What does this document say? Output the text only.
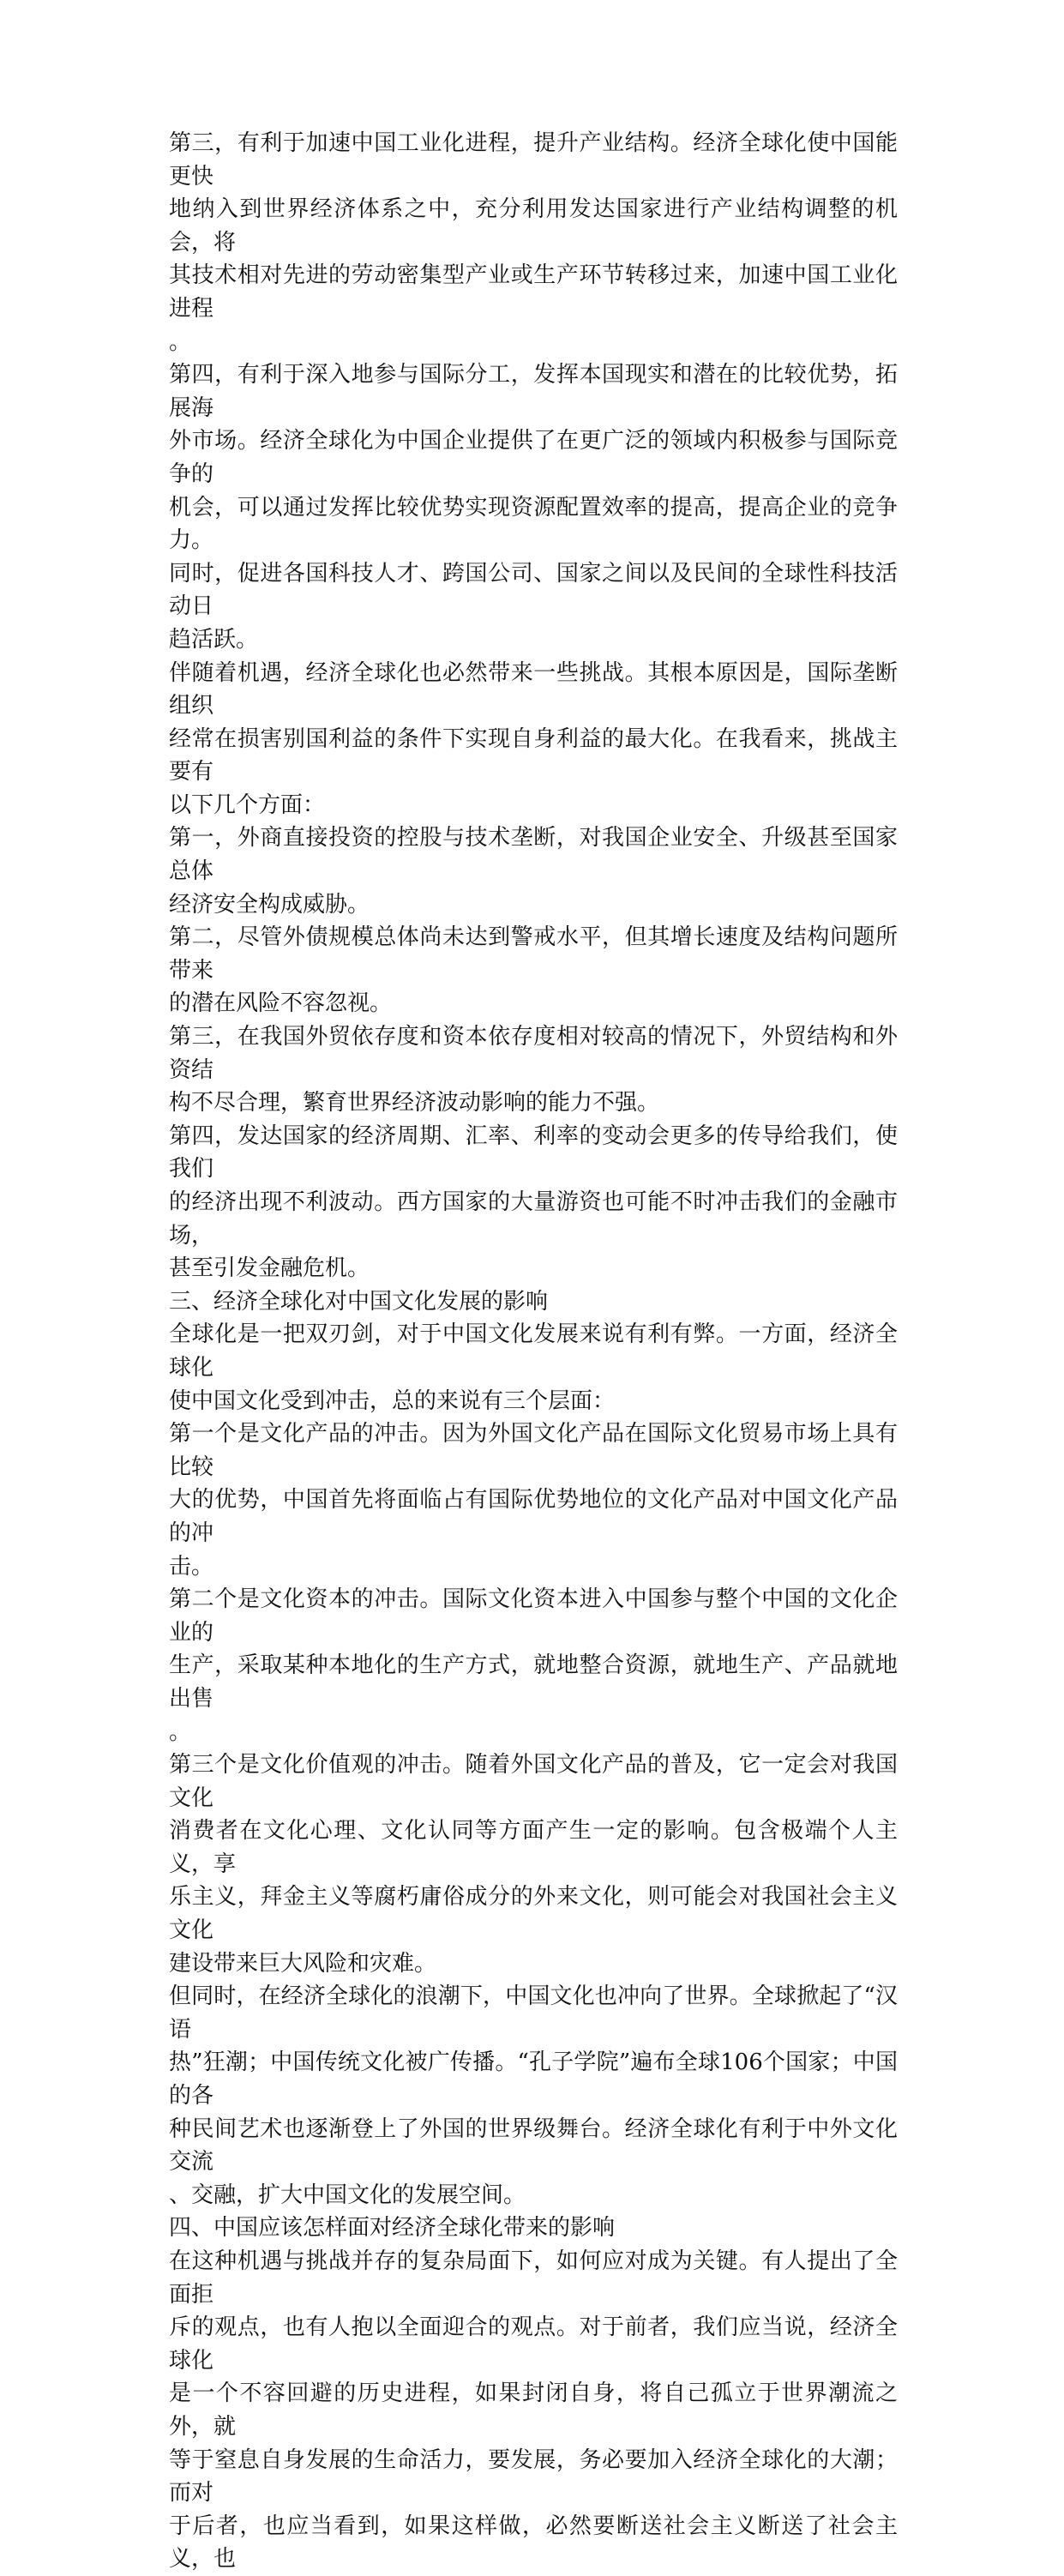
第三，有利于加速中国工业化进程，提升产业结构。经济全球化使中国能更快
地纳入到世界经济体系之中，充分利用发达国家进行产业结构调整的机会，将
其技术相对先进的劳动密集型产业或生产环节转移过来，加速中国工业化进程
。

第四，有利于深入地参与国际分工，发挥本国现实和潜在的比较优势，拓展海
外市场。经济全球化为中国企业提供了在更广泛的领域内积极参与国际竞争的
机会，可以通过发挥比较优势实现资源配置效率的提高，提高企业的竞争力。
同时，促进各国科技人才、跨国公司、国家之间以及民间的全球性科技活动日
趋活跃。

伴随着机遇，经济全球化也必然带来一些挑战。其根本原因是，国际垄断组织
经常在损害别国利益的条件下实现自身利益的最大化。在我看来，挑战主要有
以下几个方面：

第一，外商直接投资的控股与技术垄断，对我国企业安全、升级甚至国家总体
经济安全构成威胁。

第二，尽管外债规模总体尚未达到警戒水平，但其增长速度及结构问题所带来
的潜在风险不容忽视。

第三，在我国外贸依存度和资本依存度相对较高的情况下，外贸结构和外资结
构不尽合理，繁育世界经济波动影响的能力不强。

第四，发达国家的经济周期、汇率、利率的变动会更多的传导给我们，使我们
的经济出现不利波动。西方国家的大量游资也可能不时冲击我们的金融市场，
甚至引发金融危机。

三、经济全球化对中国文化发展的影响

全球化是一把双刃剑，对于中国文化发展来说有利有弊。一方面，经济全球化
使中国文化受到冲击，总的来说有三个层面：

第一个是文化产品的冲击。因为外国文化产品在国际文化贸易市场上具有比较
大的优势，中国首先将面临占有国际优势地位的文化产品对中国文化产品的冲
击。

第二个是文化资本的冲击。国际文化资本进入中国参与整个中国的文化企业的
生产，采取某种本地化的生产方式，就地整合资源，就地生产、产品就地出售
。

第三个是文化价值观的冲击。随着外国文化产品的普及，它一定会对我国文化
消费者在文化心理、文化认同等方面产生一定的影响。包含极端个人主义，享
乐主义，拜金主义等腐朽庸俗成分的外来文化，则可能会对我国社会主义文化
建设带来巨大风险和灾难。

但同时，在经济全球化的浪潮下，中国文化也冲向了世界。全球掀起了“汉语
热”狂潮；中国传统文化被广传播。“孔子学院”遍布全球106个国家；中国的各
种民间艺术也逐渐登上了外国的世界级舞台。经济全球化有利于中外文化交流
、交融，扩大中国文化的发展空间。

四、中国应该怎样面对经济全球化带来的影响

在这种机遇与挑战并存的复杂局面下，如何应对成为关键。有人提出了全面拒
斥的观点，也有人抱以全面迎合的观点。对于前者，我们应当说，经济全球化
是一个不容回避的历史进程，如果封闭自身，将自己孤立于世界潮流之外，就
等于窒息自身发展的生命活力，要发展，务必要加入经济全球化的大潮；而对
于后者，也应当看到，如果这样做，必然要断送社会主义断送了社会主义，也
